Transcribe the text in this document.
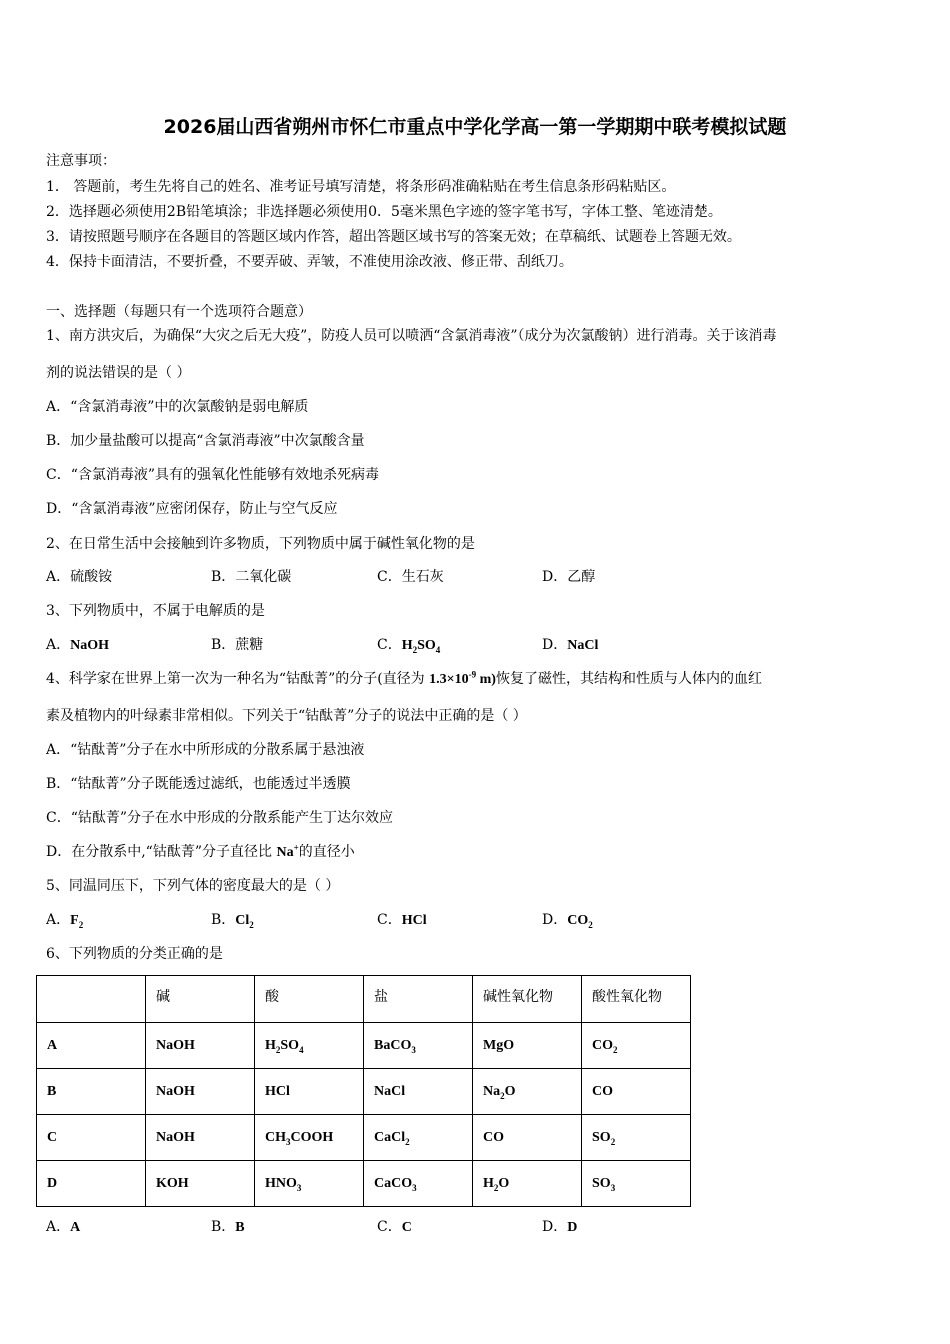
2026届山西省朔州市怀仁市重点中学化学高一第一学期期中联考模拟试题
注意事项：
1． 答题前，考生先将自己的姓名、准考证号填写清楚，将条形码准确粘贴在考生信息条形码粘贴区。
2．选择题必须使用2B铅笔填涂；非选择题必须使用0．5毫米黑色字迹的签字笔书写，字体工整、笔迹清楚。
3．请按照题号顺序在各题目的答题区域内作答，超出答题区域书写的答案无效；在草稿纸、试题卷上答题无效。
4．保持卡面清洁，不要折叠，不要弄破、弄皱，不准使用涂改液、修正带、刮纸刀。
一、选择题（每题只有一个选项符合题意）
1、南方洪灾后，为确保“大灾之后无大疫”，防疫人员可以喷洒“含氯消毒液”（成分为次氯酸钠）进行消毒。关于该消毒
剂的说法错误的是（ ）
A．“含氯消毒液”中的次氯酸钠是弱电解质
B．加少量盐酸可以提高“含氯消毒液”中次氯酸含量
C．“含氯消毒液”具有的强氧化性能够有效地杀死病毒
D．“含氯消毒液”应密闭保存，防止与空气反应
2、在日常生活中会接触到许多物质，下列物质中属于碱性氧化物的是
A．硫酸铵	B．二氧化碳	C．生石灰	D．乙醇
3、下列物质中，不属于电解质的是
A．NaOH	B．蔗糖	C．$H_2SO_4$	D．NaCl
4、科学家在世界上第一次为一种名为“钴酞菁”的分子(直径为 $1.3\times 10^{-9}$ m)恢复了磁性，其结构和性质与人体内的血红
素及植物内的叶绿素非常相似。下列关于“钴酞菁”分子的说法中正确的是（ ）
A．“钴酞菁”分子在水中所形成的分散系属于悬浊液
B．“钴酞菁”分子既能透过滤纸，也能透过半透膜
C．“钴酞菁”分子在水中形成的分散系能产生丁达尔效应
D．在分散系中,“钴酞菁”分子直径比 Na+的直径小
5、同温同压下，下列气体的密度最大的是（ ）
A．$F_2$	B．$Cl_2$	C．HCl	D．$CO_2$
6、下列物质的分类正确的是
	碱	酸	盐	碱性氧化物	酸性氧化物
A	NaOH	$H_2SO_4$	BaCO$_3$	MgO	$CO_2$
B	NaOH	HCl	NaCl	$Na_2O$	CO
C	NaOH	$CH_3COOH$	CaCl$_2$	CO	$SO_2$
D	KOH	$HNO_3$	CaCO$_3$	$H_2O$	$SO_3$
A．A	B．B	C．C	D．D
